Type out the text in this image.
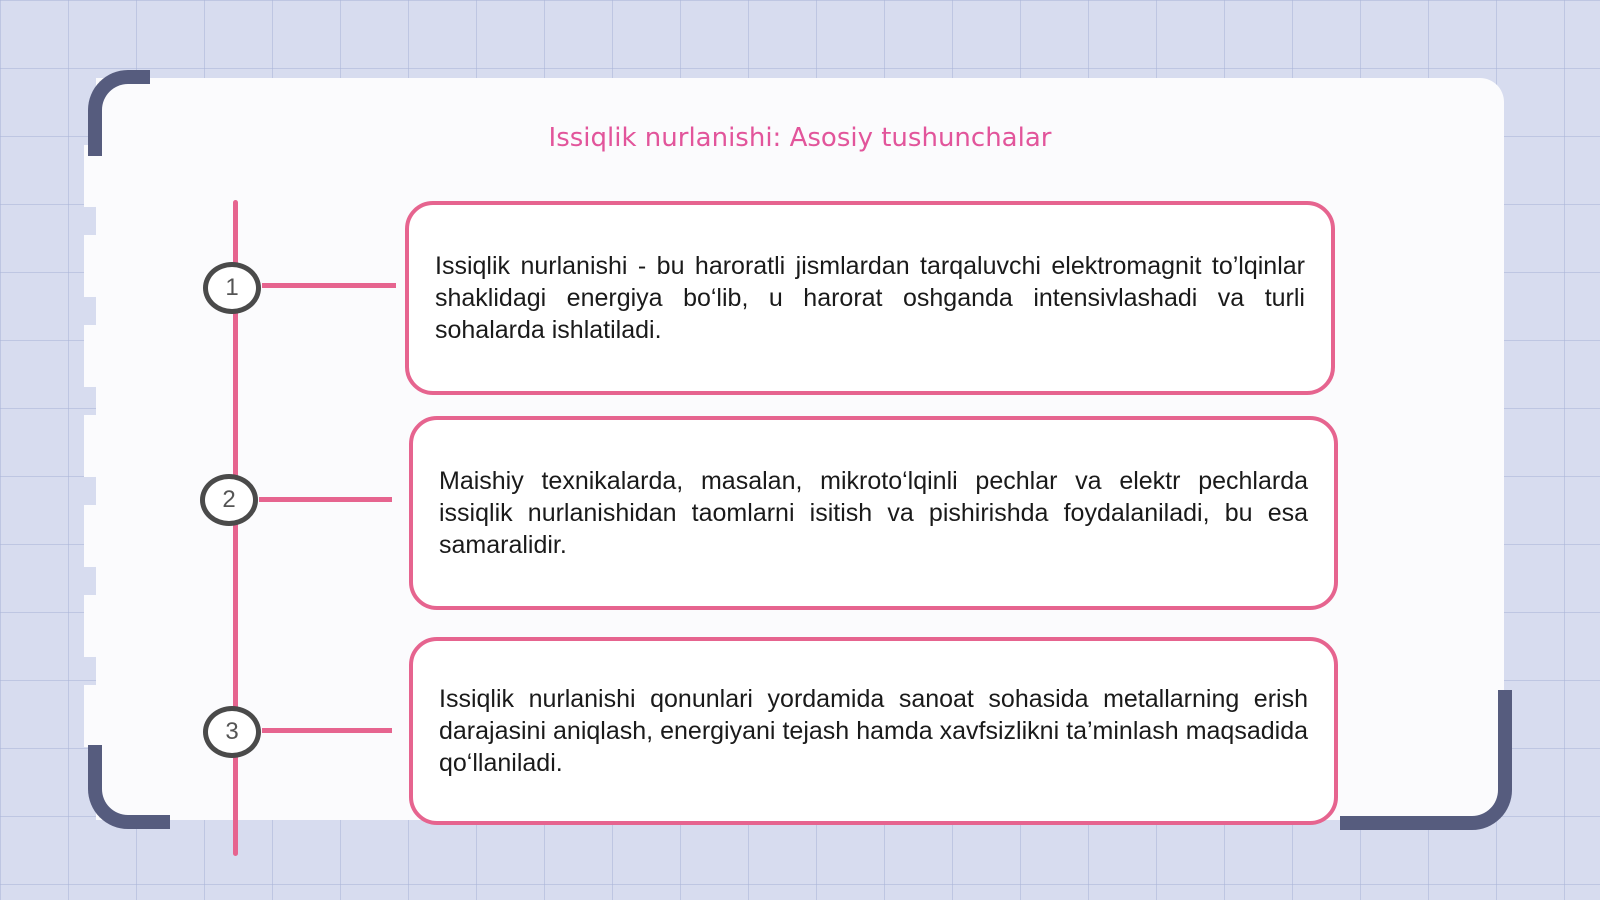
Issiqlik nurlanishi: Asosiy tushunchalar
1
2
3

Issiqlik nurlanishi - bu haroratli jismlardan tarqaluvchi elektromagnit to’lqinlar shaklidagi energiya bo‘lib, u harorat oshganda intensivlashadi va turli sohalarda ishlatiladi.

Maishiy texnikalarda, masalan, mikroto‘lqinli pechlar va elektr pechlarda issiqlik nurlanishidan taomlarni isitish va pishirishda foydalaniladi, bu esa samaralidir.

Issiqlik nurlanishi qonunlari yordamida sanoat sohasida metallarning erish darajasini aniqlash, energiyani tejash hamda xavfsizlikni ta’minlash maqsadida qo‘llaniladi.
